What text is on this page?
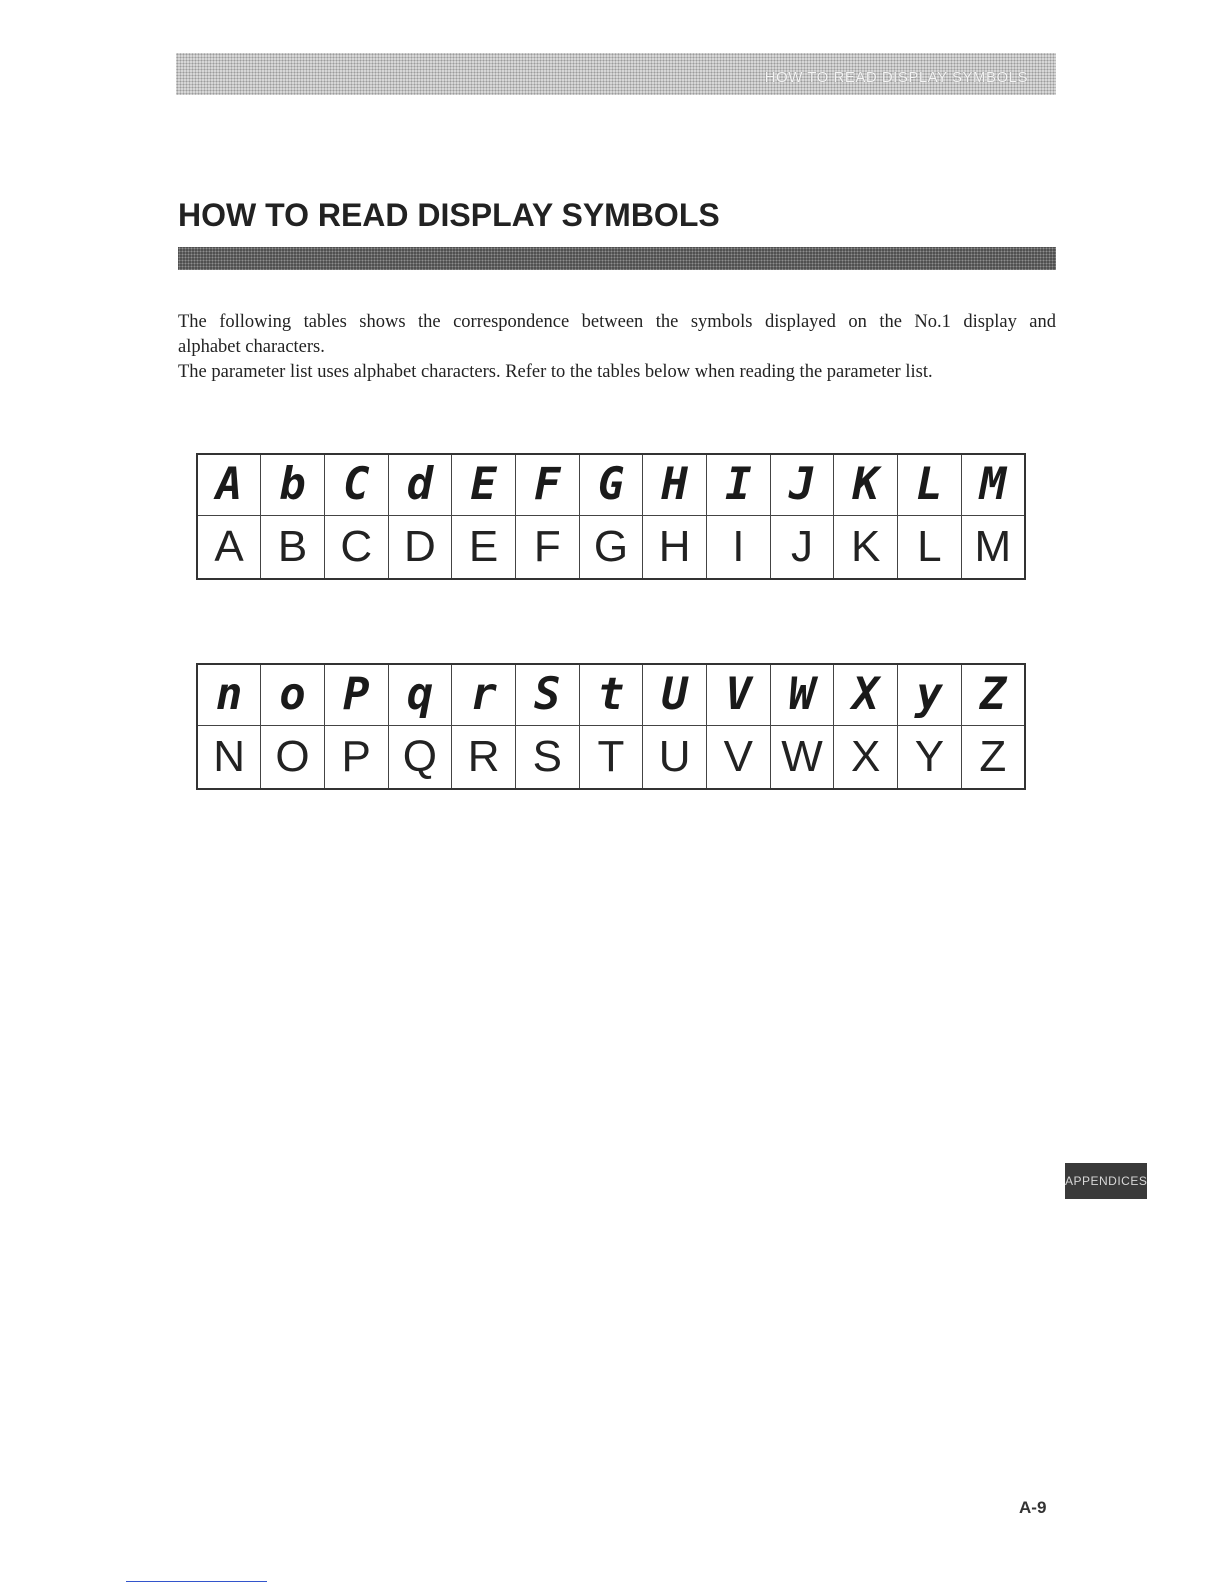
HOW TO READ DISPLAY SYMBOLS
HOW TO READ DISPLAY SYMBOLS

The following tables shows the correspondence between the symbols displayed on the No.1 display and

alphabet characters.

The parameter list uses alphabet characters. Refer to the tables below when reading the parameter list.

A	b	C	d	E	F	G	H	I	J	K	L	M
A	B	C	D	E	F	G	H	I	J	K	L	M
n	o	P	q	r	S	t	U	V	W	X	y	Z
N	O	P	Q	R	S	T	U	V	W	X	Y	Z
APPENDICES
A-9
